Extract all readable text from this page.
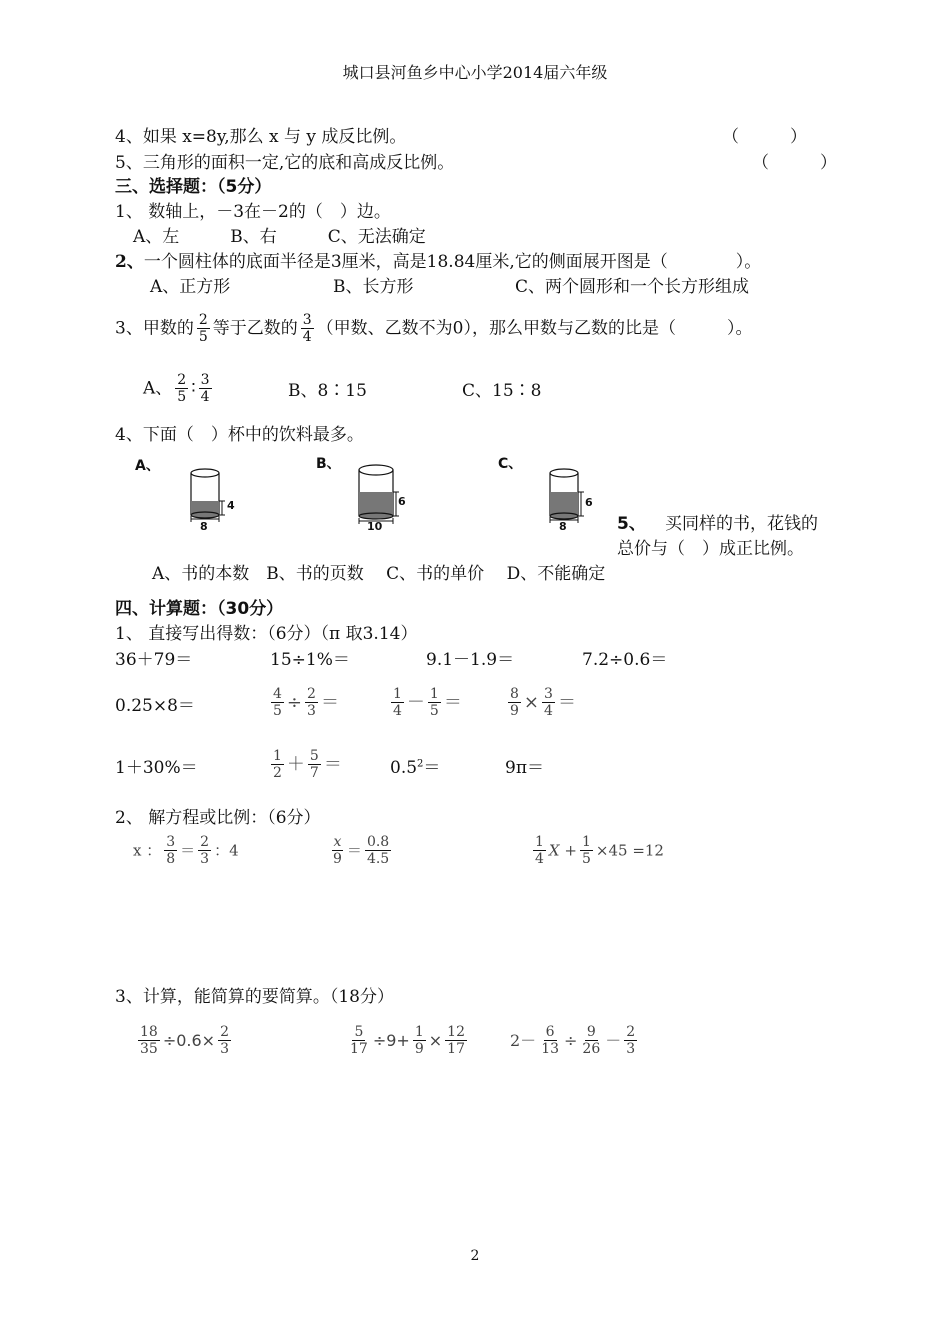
城口县河鱼乡中心小学2014届六年级
4、如果 x=8y,那么 x 与 y 成反比例。	（　　　）
5、三角形的面积一定,它的底和高成反比例。	（　　　）
三、选择题：（5分）
1、 数轴上，－3在－2的（　）边。
A、左　　　B、右　　　C、无法确定
2、一个圆柱体的底面半径是3厘米，高是18.84厘米,它的侧面展开图是（　　　　）。
A、正方形	B、长方形	C、两个圆形和一个长方形组成
3、甲数的 $\frac{2}{5}$ 等于乙数的 $\frac{3}{4}$ （甲数、乙数不为0），那么甲数与乙数的比是（　　　）。
A、 $\frac{2}{5}$ ∶ $\frac{3}{4}$	B、8∶15	C、15∶8
4、下面（　）杯中的饮料最多。
A、	B、	C、
4
8
6
10
6
8	5、 买同样的书，花钱的
总价与（　）成正比例。
A、书的本数　B、书的页数　 C、书的单价　 D、不能确定
四、计算题：（30分）
1、 直接写出得数：（6分）（π 取3.14）
36＋79＝	15÷1%＝	9.1－1.9＝	7.2÷0.6＝
0.25×8＝	$\frac{4}{5} \div \frac{2}{3}$ ＝	$\frac{1}{4} - \frac{1}{5}$ ＝	$\frac{8}{9} \times \frac{3}{4}$ ＝
1＋30%＝	$\frac{1}{2} + \frac{5}{7}$ ＝	$0.5^2=$	9π＝
2、 解方程或比例：（6分）
x ： $\frac{3}{8} = \frac{2}{3}$ ：4	$\frac{x}{9} = \frac{0.8}{4.5}$	$\frac{1}{4}$ $X + \frac{1}{5} \times 45 =12$
3、计算，能简算的要简算。（18分）
$\frac{18}{35} \div 0.6\times \frac{2}{3}$	$\frac{5}{17} \div 9+ \frac{1}{9} \times \frac{12}{17}$	$2- \frac{6}{13} \div \frac{9}{26} - \frac{2}{3}$
2
